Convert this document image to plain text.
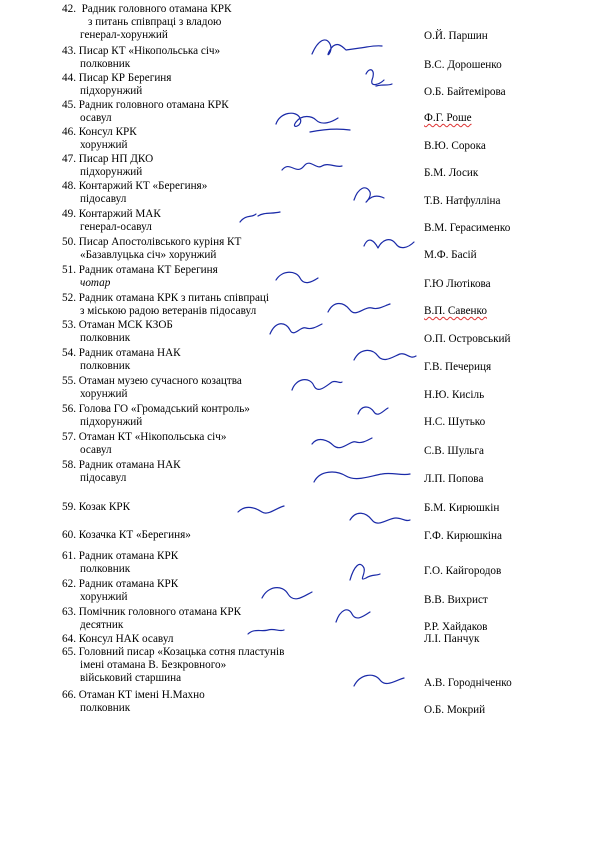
42. Радник головного отамана КРК
з питань співпраці з владою
генерал-хорунжий	О.Й. Паршин
43. Писар КТ «Нікопольська січ»
полковник	В.С. Дорошенко
44. Писар КР Берегиня
підхорунжий	О.Б. Байтемірова
45. Радник головного отамана КРК
осавул	Ф.Г. Роше
46. Консул КРК
хорунжий	В.Ю. Сорока
47. Писар НП ДКО
підхорунжий	Б.М. Лосик
48. Контаржий КТ «Берегиня»
підосавул	Т.В. Натфулліна
49. Контаржий МАК
генерал-осавул	В.М. Герасименко
50. Писар Апостолівського куріня КТ
«Базавлуцька січ» хорунжий	М.Ф. Басій
51. Радник отамана КТ Берегиня
чотар	Г.Ю Лютікова
52. Радник отамана КРК з питань співпраці
з міською радою ветеранів підосавул	В.П. Савенко
53. Отаман МСК КЗОБ
полковник	О.П. Островський
54. Радник отамана НАК
полковник	Г.В. Печериця
55. Отаман музею сучасного козацтва
хорунжий	Н.Ю. Кисіль
56. Голова ГО «Громадський контроль»
підхорунжий	Н.С. Шутько
57. Отаман КТ «Нікопольська січ»
осавул	С.В. Шульга
58. Радник отамана НАК
підосавул	Л.П. Попова
59. Козак КРК	Б.М. Кирюшкін
60. Козачка КТ «Берегиня»	Г.Ф. Кирюшкіна
61. Радник отамана КРК
полковник	Г.О. Кайгородов
62. Радник отамана КРК
хорунжий	В.В. Вихрист
63. Помічник головного отамана КРК
десятник	Р.Р. Хайдаков
64. Консул НАК осавул	Л.І. Панчук
65. Головний писар «Козацька сотня пластунів
імені отамана В. Безкровного»
військовий старшина	А.В. Городніченко
66. Отаман КТ імені Н.Махно
полковник	О.Б. Мокрий
